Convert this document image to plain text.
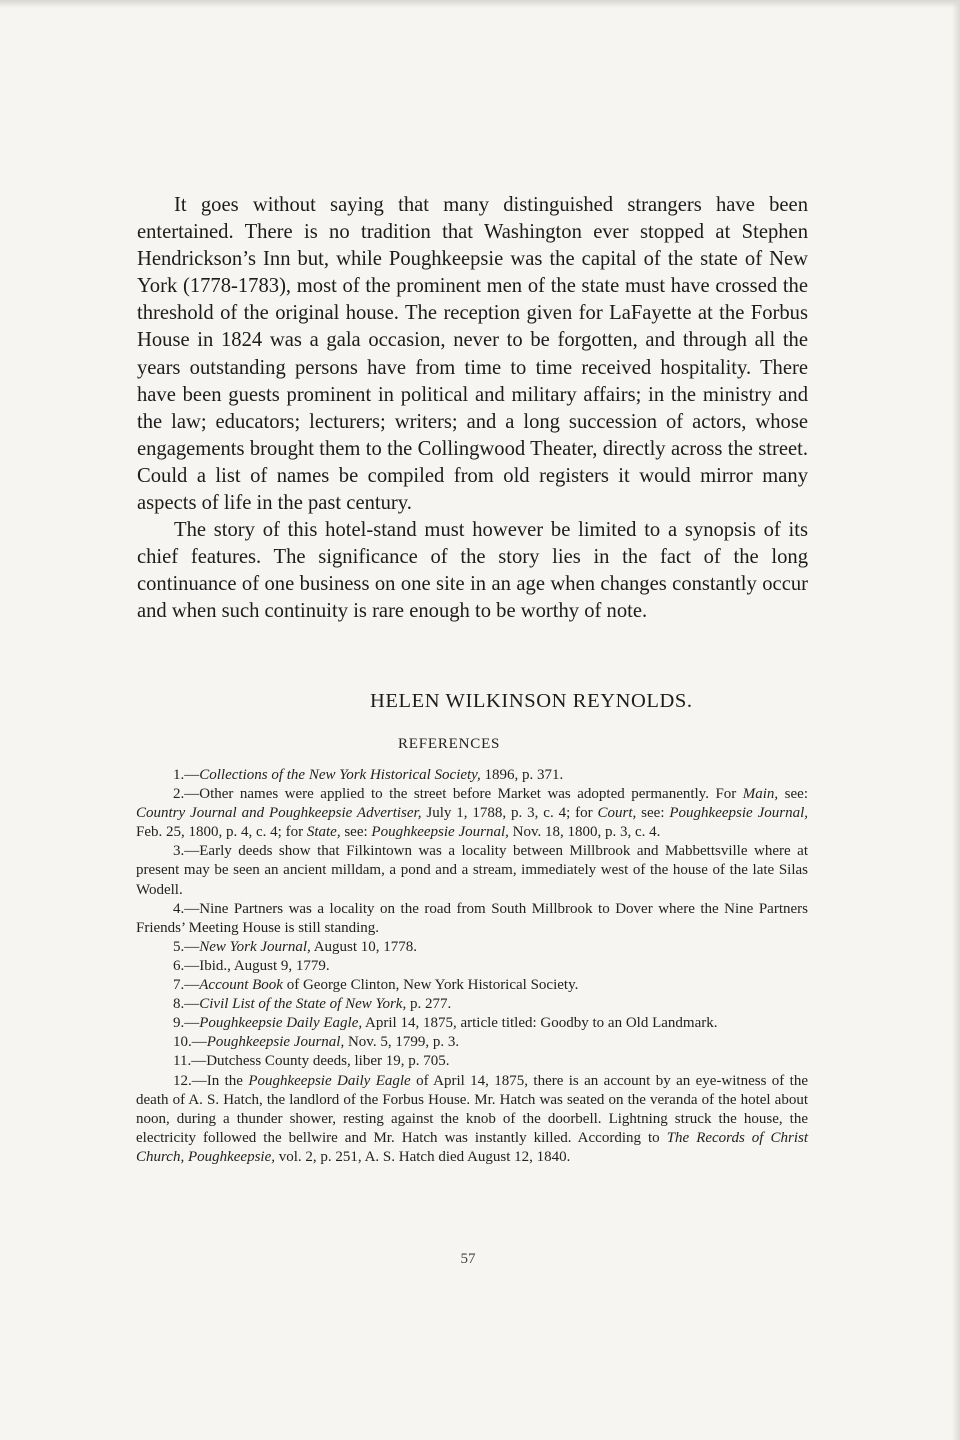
It goes without saying that many distinguished strangers have been entertained. There is no tradition that Washington ever stopped at Stephen Hendrickson’s Inn but, while Poughkeepsie was the capital of the state of New York (1778-1783), most of the prominent men of the state must have crossed the threshold of the original house. The reception given for LaFayette at the Forbus House in 1824 was a gala occasion, never to be forgotten, and through all the years outstanding persons have from time to time received hospitality. There have been guests prominent in political and military affairs; in the ministry and the law; educators; lecturers; writers; and a long succession of actors, whose engagements brought them to the Collingwood Theater, directly across the street. Could a list of names be compiled from old registers it would mirror many aspects of life in the past century.

The story of this hotel-stand must however be limited to a synopsis of its chief features. The significance of the story lies in the fact of the long continuance of one business on one site in an age when changes constantly occur and when such continuity is rare enough to be worthy of note.

HELEN WILKINSON REYNOLDS.
REFERENCES

1.—Collections of the New York Historical Society, 1896, p. 371.

2.—Other names were applied to the street before Market was adopted permanently. For Main, see: Country Journal and Poughkeepsie Advertiser, July 1, 1788, p. 3, c. 4; for Court, see: Poughkeepsie Journal, Feb. 25, 1800, p. 4, c. 4; for State, see: Poughkeepsie Journal, Nov. 18, 1800, p. 3, c. 4.

3.—Early deeds show that Filkintown was a locality between Millbrook and Mabbettsville where at present may be seen an ancient milldam, a pond and a stream, immediately west of the house of the late Silas Wodell.

4.—Nine Partners was a locality on the road from South Millbrook to Dover where the Nine Partners Friends’ Meeting House is still standing.

5.—New York Journal, August 10, 1778.

6.—Ibid., August 9, 1779.

7.—Account Book of George Clinton, New York Historical Society.

8.—Civil List of the State of New York, p. 277.

9.—Poughkeepsie Daily Eagle, April 14, 1875, article titled: Goodby to an Old Landmark.

10.—Poughkeepsie Journal, Nov. 5, 1799, p. 3.

11.—Dutchess County deeds, liber 19, p. 705.

12.—In the Poughkeepsie Daily Eagle of April 14, 1875, there is an account by an eye-witness of the death of A. S. Hatch, the landlord of the Forbus House. Mr. Hatch was seated on the veranda of the hotel about noon, during a thunder shower, resting against the knob of the doorbell. Lightning struck the house, the electricity followed the bellwire and Mr. Hatch was instantly killed. According to The Records of Christ Church, Poughkeepsie, vol. 2, p. 251, A. S. Hatch died August 12, 1840.

57
